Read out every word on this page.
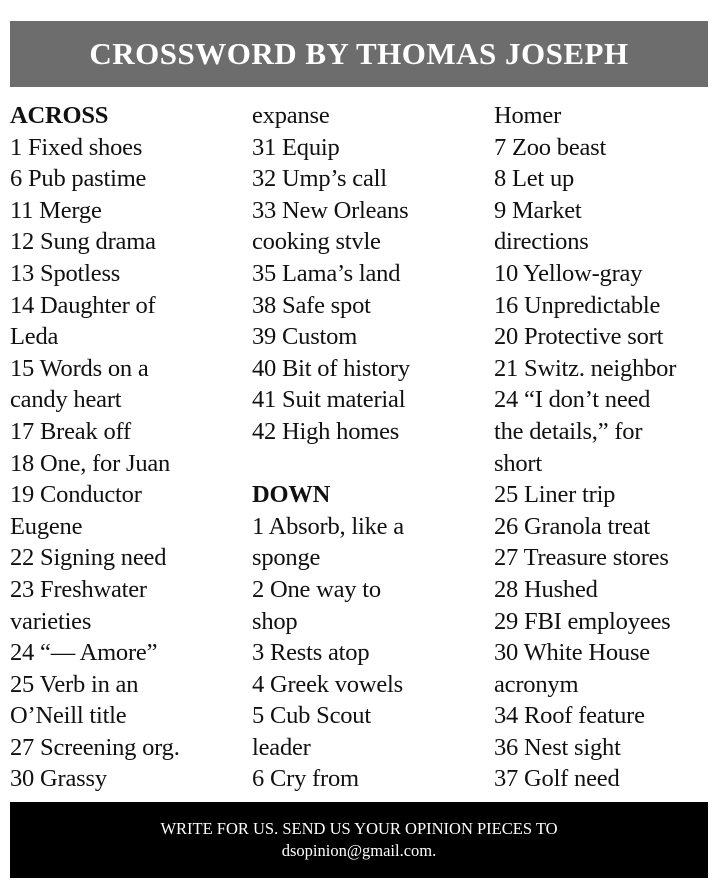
CROSSWORD BY THOMAS JOSEPH
ACROSS
1 Fixed shoes
6 Pub pastime
11 Merge
12 Sung drama
13 Spotless
14 Daughter of
Leda
15 Words on a
candy heart
17 Break off
18 One, for Juan
19 Conductor
Eugene
22 Signing need
23 Freshwater
varieties
24 “— Amore”
25 Verb in an
O’Neill title
27 Screening org.
30 Grassy
expanse
31 Equip
32 Ump’s call
33 New Orleans
cooking stvle
35 Lama’s land
38 Safe spot
39 Custom
40 Bit of history
41 Suit material
42 High homes
DOWN
1 Absorb, like a
sponge
2 One way to
shop
3 Rests atop
4 Greek vowels
5 Cub Scout
leader
6 Cry from
Homer
7 Zoo beast
8 Let up
9 Market
directions
10 Yellow-gray
16 Unpredictable
20 Protective sort
21 Switz. neighbor
24 “I don’t need
the details,” for
short
25 Liner trip
26 Granola treat
27 Treasure stores
28 Hushed
29 FBI employees
30 White House
acronym
34 Roof feature
36 Nest sight
37 Golf need
WRITE FOR US. SEND US YOUR OPINION PIECES TO
dsopinion@gmail.com.
